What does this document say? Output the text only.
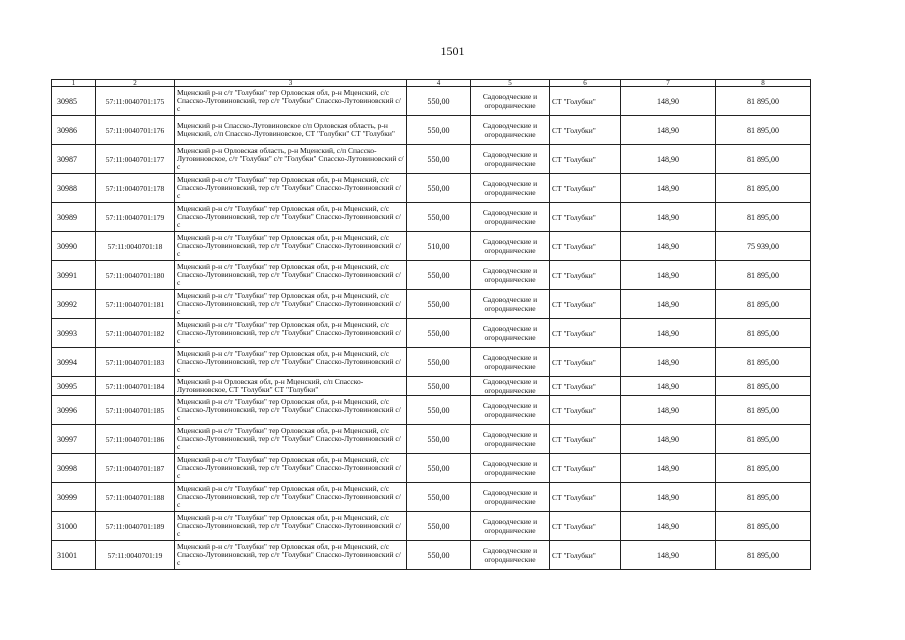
1501
1	2	3	4	5	6	7	8
30985	57:11:0040701:175	Мценский р-н с/т "Голубки" тер Орловская обл, р-н Мценский, с/с Спасско-Лутовиновский, тер с/т "Голубки" Спасско-Лутовиновский с/с	550,00	Садоводческие и огороднические	СТ "Голубки"	148,90	81 895,00
30986	57:11:0040701:176	Мценский р-н Спасско-Лутовиновское с/п Орловская область, р-н Мценский, с/п Спасско-Лутовиновское, СТ "Голубки" СТ "Голубки"	550,00	Садоводческие и огороднические	СТ "Голубки"	148,90	81 895,00
30987	57:11:0040701:177	Мценский р-н Орловская область, р-н Мценский, с/п Спасско-Лутовиновское, с/т "Голубки" с/т "Голубки" Спасско-Лутовиновский с/с	550,00	Садоводческие и огороднические	СТ "Голубки"	148,90	81 895,00
30988	57:11:0040701:178	Мценский р-н с/т "Голубки" тер Орловская обл, р-н Мценский, с/с Спасско-Лутовиновский, тер с/т "Голубки" Спасско-Лутовиновский с/с	550,00	Садоводческие и огороднические	СТ "Голубки"	148,90	81 895,00
30989	57:11:0040701:179	Мценский р-н с/т "Голубки" тер Орловская обл, р-н Мценский, с/с Спасско-Лутовиновский, тер с/т "Голубки" Спасско-Лутовиновский с/с	550,00	Садоводческие и огороднические	СТ "Голубки"	148,90	81 895,00
30990	57:11:0040701:18	Мценский р-н с/т "Голубки" тер Орловская обл, р-н Мценский, с/с Спасско-Лутовиновский, тер с/т "Голубки" Спасско-Лутовиновский с/с	510,00	Садоводческие и огороднические	СТ "Голубки"	148,90	75 939,00
30991	57:11:0040701:180	Мценский р-н с/т "Голубки" тер Орловская обл, р-н Мценский, с/с Спасско-Лутовиновский, тер с/т "Голубки" Спасско-Лутовиновский с/с	550,00	Садоводческие и огороднические	СТ "Голубки"	148,90	81 895,00
30992	57:11:0040701:181	Мценский р-н с/т "Голубки" тер Орловская обл, р-н Мценский, с/с Спасско-Лутовиновский, тер с/т "Голубки" Спасско-Лутовиновский с/с	550,00	Садоводческие и огороднические	СТ "Голубки"	148,90	81 895,00
30993	57:11:0040701:182	Мценский р-н с/т "Голубки" тер Орловская обл, р-н Мценский, с/с Спасско-Лутовиновский, тер с/т "Голубки" Спасско-Лутовиновский с/с	550,00	Садоводческие и огороднические	СТ "Голубки"	148,90	81 895,00
30994	57:11:0040701:183	Мценский р-н с/т "Голубки" тер Орловская обл, р-н Мценский, с/с Спасско-Лутовиновский, тер с/т "Голубки" Спасско-Лутовиновский с/с	550,00	Садоводческие и огороднические	СТ "Голубки"	148,90	81 895,00
30995	57:11:0040701:184	Мценский р-н Орловская обл, р-н Мценский, с/п Спасско-Лутовиновское, СТ "Голубки" СТ "Голубки"	550,00	Садоводческие и огороднические	СТ "Голубки"	148,90	81 895,00
30996	57:11:0040701:185	Мценский р-н с/т "Голубки" тер Орловская обл, р-н Мценский, с/с Спасско-Лутовиновский, тер с/т "Голубки" Спасско-Лутовиновский с/с	550,00	Садоводческие и огороднические	СТ "Голубки"	148,90	81 895,00
30997	57:11:0040701:186	Мценский р-н с/т "Голубки" тер Орловская обл, р-н Мценский, с/с Спасско-Лутовиновский, тер с/т "Голубки" Спасско-Лутовиновский с/с	550,00	Садоводческие и огороднические	СТ "Голубки"	148,90	81 895,00
30998	57:11:0040701:187	Мценский р-н с/т "Голубки" тер Орловская обл, р-н Мценский, с/с Спасско-Лутовиновский, тер с/т "Голубки" Спасско-Лутовиновский с/с	550,00	Садоводческие и огороднические	СТ "Голубки"	148,90	81 895,00
30999	57:11:0040701:188	Мценский р-н с/т "Голубки" тер Орловская обл, р-н Мценский, с/с Спасско-Лутовиновский, тер с/т "Голубки" Спасско-Лутовиновский с/с	550,00	Садоводческие и огороднические	СТ "Голубки"	148,90	81 895,00
31000	57:11:0040701:189	Мценский р-н с/т "Голубки" тер Орловская обл, р-н Мценский, с/с Спасско-Лутовиновский, тер с/т "Голубки" Спасско-Лутовиновский с/с	550,00	Садоводческие и огороднические	СТ "Голубки"	148,90	81 895,00
31001	57:11:0040701:19	Мценский р-н с/т "Голубки" тер Орловская обл, р-н Мценский, с/с Спасско-Лутовиновский, тер с/т "Голубки" Спасско-Лутовиновский с/с	550,00	Садоводческие и огороднические	СТ "Голубки"	148,90	81 895,00
